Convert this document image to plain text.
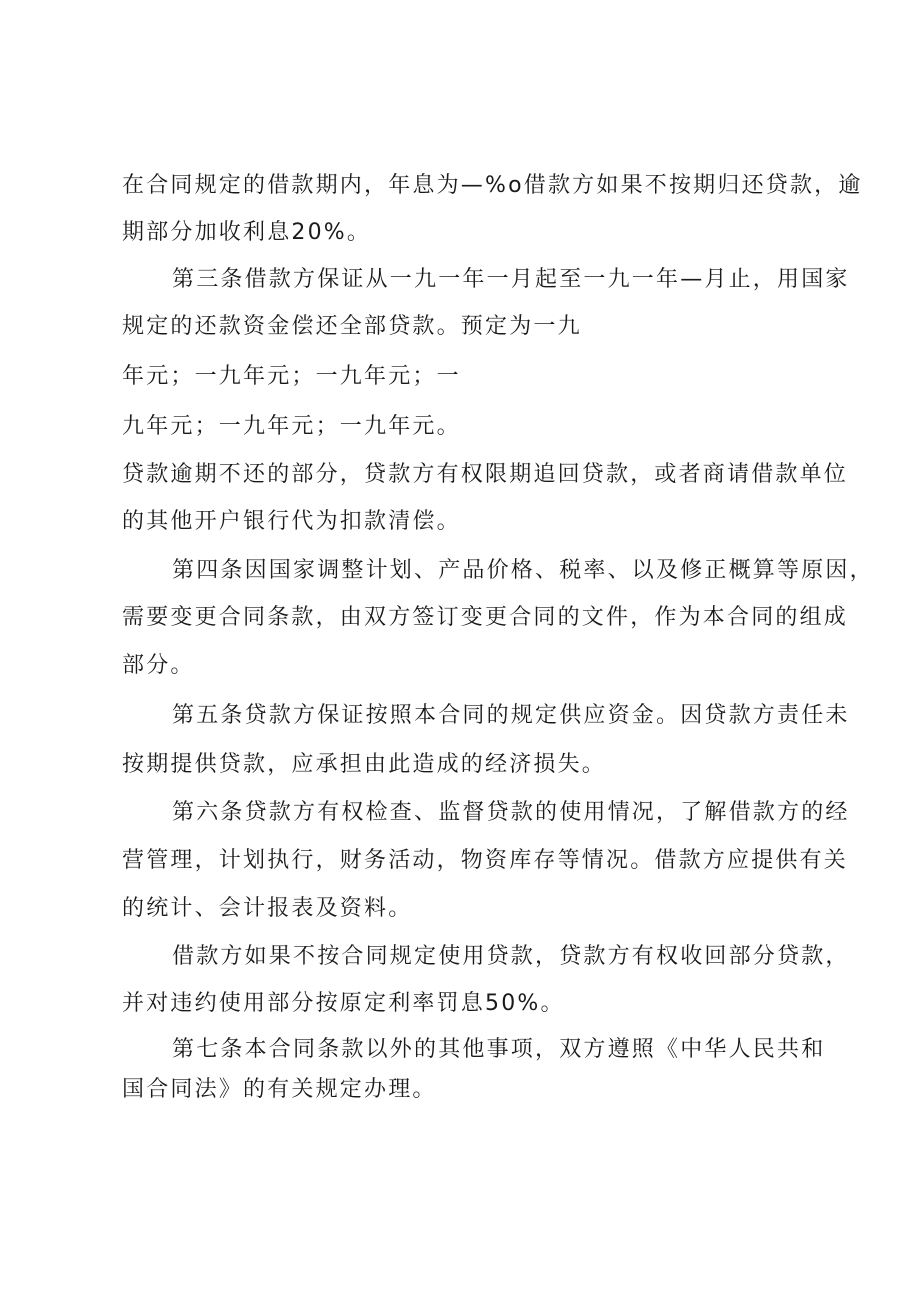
在合同规定的借款期内，年息为—%o借款方如果不按期归还贷款，逾
期部分加收利息20%。
第三条借款方保证从一九一年一月起至一九一年—月止，用国家
规定的还款资金偿还全部贷款。预定为一九
年元；一九年元；一九年元；一
九年元；一九年元；一九年元。
贷款逾期不还的部分，贷款方有权限期追回贷款，或者商请借款单位
的其他开户银行代为扣款清偿。
第四条因国家调整计划、产品价格、税率、以及修正概算等原因，
需要变更合同条款，由双方签订变更合同的文件，作为本合同的组成
部分。
第五条贷款方保证按照本合同的规定供应资金。因贷款方责任未
按期提供贷款，应承担由此造成的经济损失。
第六条贷款方有权检查、监督贷款的使用情况，了解借款方的经
营管理，计划执行，财务活动，物资库存等情况。借款方应提供有关
的统计、会计报表及资料。
借款方如果不按合同规定使用贷款，贷款方有权收回部分贷款，
并对违约使用部分按原定利率罚息50%。
第七条本合同条款以外的其他事项，双方遵照《中华人民共和
国合同法》的有关规定办理。
